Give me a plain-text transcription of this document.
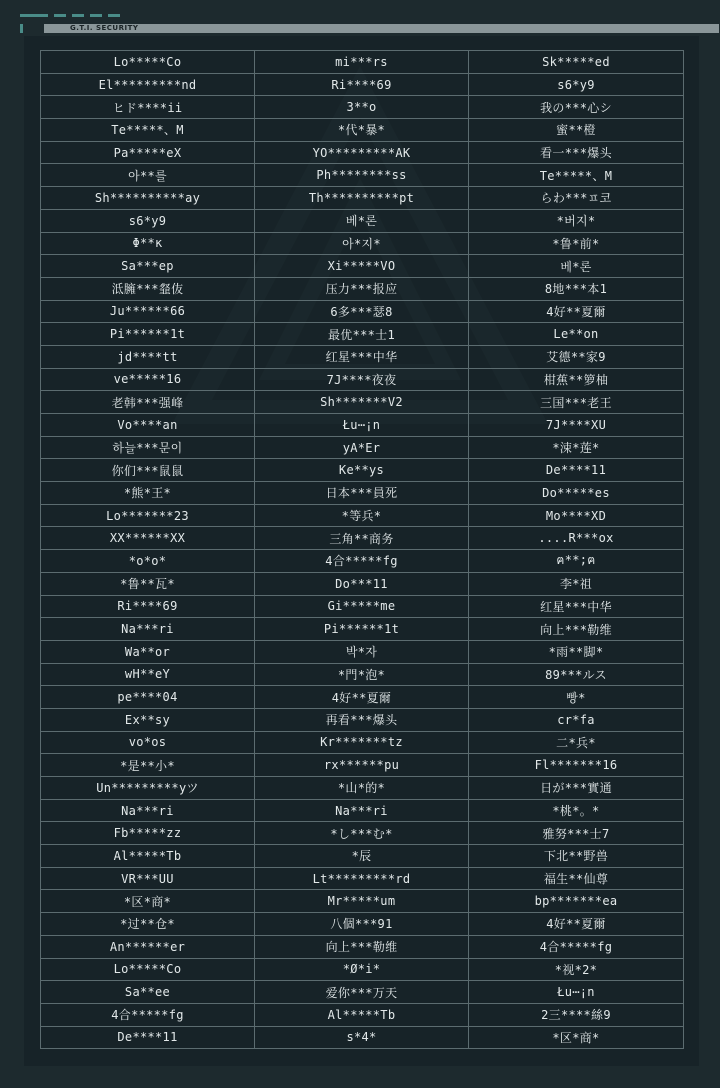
G.T.I. SECURITY
Lo*****Co	mi***rs	Sk*****ed
El*********nd	Ri****69	s6*y9
ヒド****ii	3**o	我の***心シ
Te*****、M	*代*暴*	蜜**橙
Pa*****eX	YO*********AK	看一***爆头
아**를	Ph********ss	Te*****、M
Sh**********ay	Th**********pt	らわ***ㅍ코
s6*y9	베*론	*버지*
Φ**ĸ	아*지*	*鲁*前*
Sa***ep	Xi*****VO	베*론
泜臃***韰伖	压力***报应	8地***本1
Ju******66	6多***瑟8	4好**夏爾
Pi******1t	最优***士1	Le**on
jd****tt	红星***中华	艾德**家9
ve*****16	7J****夜夜	柑蕉**箩柚
老韩***强峰	Sh*******V2	三国***老王
Vo****an	Łu⋯¡n	7J****XU
하늘***문이	yA*Er	*涑*莲*
你们***鼠鼠	Ke**ys	De****11
*熊*王*	日本***員死	Do*****es
Lo*******23	*等兵*	Mo****XD
XX******XX	三角**商务	....R***ox
*o*o*	4合*****fg	ฅ**;ฅ
*鲁**瓦*	Do***11	李*祖
Ri****69	Gi*****me	红星***中华
Na***ri	Pi******1t	向上***勒维
Wa**or	박*자	*雨**脚*
wH**eY	*門*泡*	89***ルス
pe****04	4好**夏爾	빵*
Ex**sy	再看***爆头	cr*fa
vo*os	Kr*******tz	二*兵*
*是**小*	rx******pu	Fl*******16
Un*********yツ	*山*的*	日が***實通
Na***ri	Na***ri	*桃*。*
Fb*****zz	*し***む*	雅努***士7
Al*****Tb	*辰	下北**野兽
VR***UU	Lt*********rd	福生**仙尊
*区*商*	Mr*****um	bp*******ea
*过**仓*	八個***91	4好**夏爾
An******er	向上***勒维	4合*****fg
Lo*****Co	*Ø*i*	*视*2*
Sa**ee	爱你***万天	Łu⋯¡n
4合*****fg	Al*****Tb	2三****絲9
De****11	s*4*	*区*商*
